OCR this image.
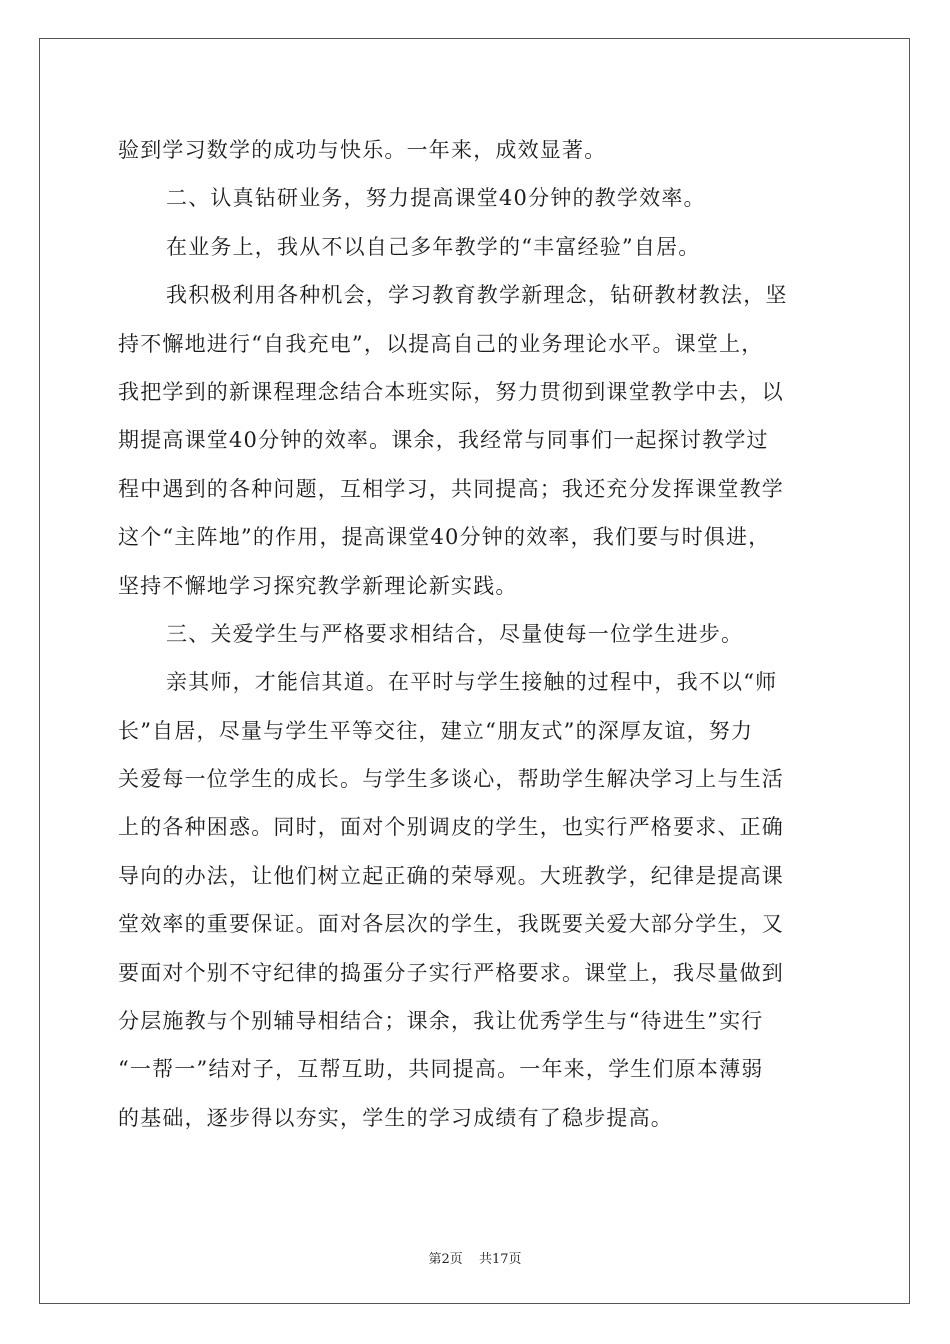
验到学习数学的成功与快乐。一年来，成效显著。
二、认真钻研业务，努力提高课堂40分钟的教学效率。
在业务上，我从不以自己多年教学的“丰富经验”自居。
我积极利用各种机会，学习教育教学新理念，钻研教材教法，坚
持不懈地进行“自我充电”，以提高自己的业务理论水平。课堂上，
我把学到的新课程理念结合本班实际，努力贯彻到课堂教学中去，以
期提高课堂40分钟的效率。课余，我经常与同事们一起探讨教学过
程中遇到的各种问题，互相学习，共同提高；我还充分发挥课堂教学
这个“主阵地”的作用，提高课堂40分钟的效率，我们要与时俱进，
坚持不懈地学习探究教学新理论新实践。
三、关爱学生与严格要求相结合，尽量使每一位学生进步。
亲其师，才能信其道。在平时与学生接触的过程中，我不以“师
长”自居，尽量与学生平等交往，建立“朋友式”的深厚友谊，努力
关爱每一位学生的成长。与学生多谈心，帮助学生解决学习上与生活
上的各种困惑。同时，面对个别调皮的学生，也实行严格要求、正确
导向的办法，让他们树立起正确的荣辱观。大班教学，纪律是提高课
堂效率的重要保证。面对各层次的学生，我既要关爱大部分学生，又
要面对个别不守纪律的捣蛋分子实行严格要求。课堂上，我尽量做到
分层施教与个别辅导相结合；课余，我让优秀学生与“待进生”实行
“一帮一”结对子，互帮互助，共同提高。一年来，学生们原本薄弱
的基础，逐步得以夯实，学生的学习成绩有了稳步提高。
第2页 共17页
